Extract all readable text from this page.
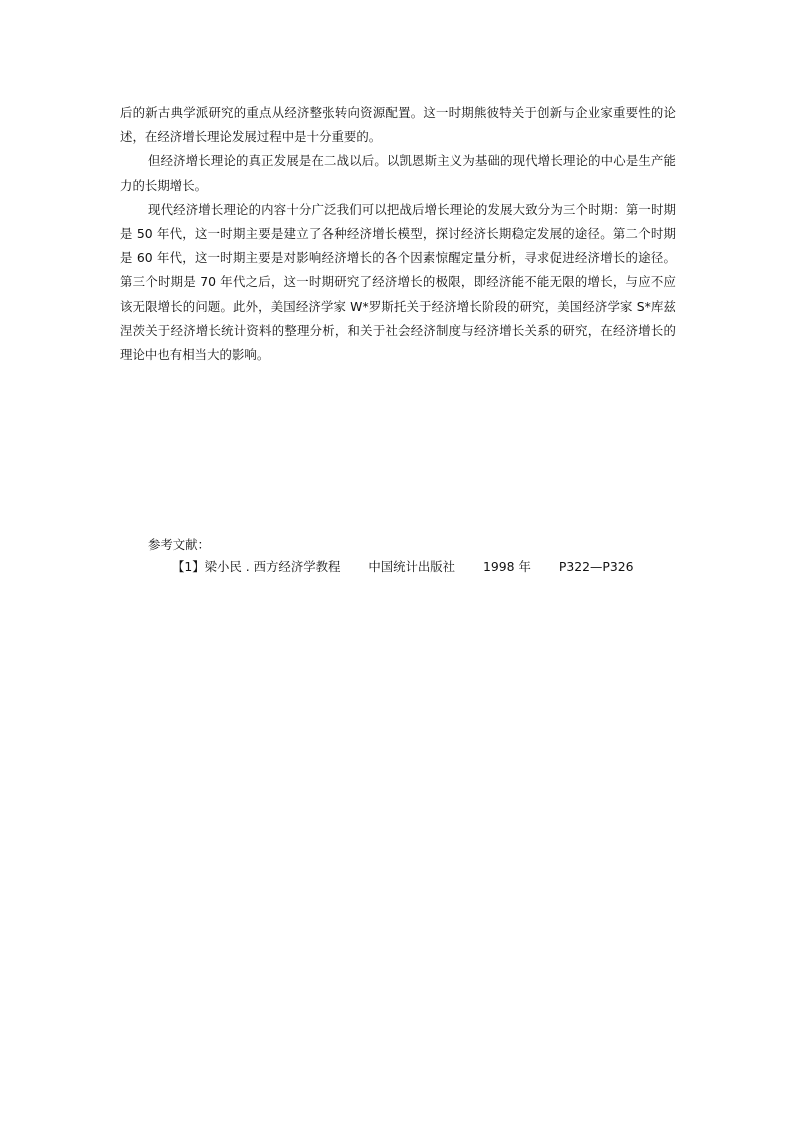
后的新古典学派研究的重点从经济整张转向资源配置。这一时期熊彼特关于创新与企业家重要性的论述，在经济增长理论发展过程中是十分重要的。

但经济增长理论的真正发展是在二战以后。以凯恩斯主义为基础的现代增长理论的中心是生产能力的长期增长。

现代经济增长理论的内容十分广泛我们可以把战后增长理论的发展大致分为三个时期：第一时期是 50 年代，这一时期主要是建立了各种经济增长模型，探讨经济长期稳定发展的途径。第二个时期是 60 年代，这一时期主要是对影响经济增长的各个因素惊醒定量分析，寻求促进经济增长的途径。第三个时期是 70 年代之后，这一时期研究了经济增长的极限，即经济能不能无限的增长，与应不应该无限增长的问题。此外，美国经济学家 W*罗斯托关于经济增长阶段的研究，美国经济学家 S*库兹涅茨关于经济增长统计资料的整理分析，和关于社会经济制度与经济增长关系的研究，在经济增长的理论中也有相当大的影响。

参考文献：

【1】梁小民 . 西方经济学教程 中国统计出版社 1998 年 P322—P326
